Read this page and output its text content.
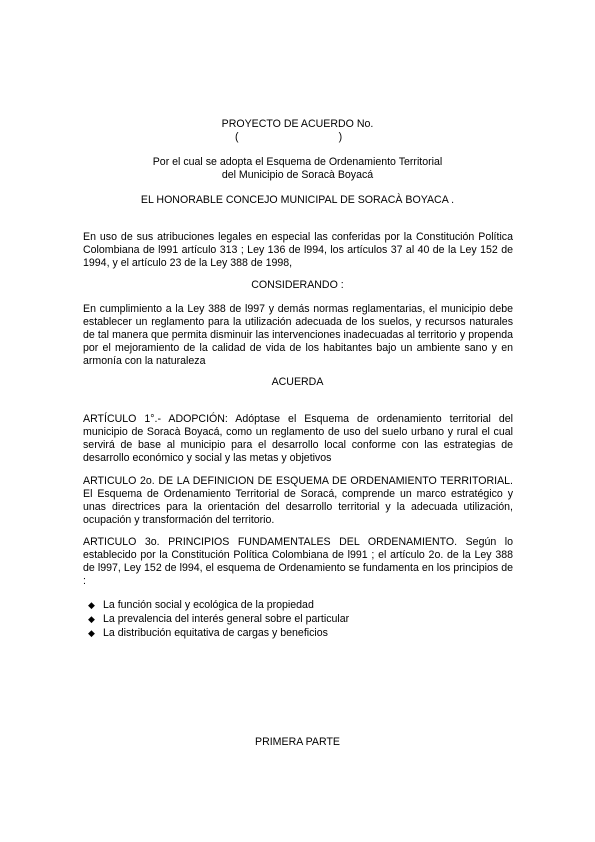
PROYECTO DE ACUERDO No.

(                                  )

Por el cual se adopta el Esquema de Ordenamiento Territorial

del Municipio de Soracà Boyacá

EL HONORABLE CONCEJO MUNICIPAL DE SORACÀ BOYACA .

En uso de sus atribuciones legales en especial las conferidas por la Constitución Política Colombiana de l991 artículo 313 ; Ley 136 de l994, los artículos 37 al 40 de la Ley 152 de 1994, y el artículo 23 de la Ley 388 de 1998,

CONSIDERANDO :

En cumplimiento a la Ley 388 de l997 y demás normas reglamentarias, el municipio debe establecer un reglamento para la utilización adecuada de los suelos, y recursos naturales de tal manera que permita disminuir las intervenciones inadecuadas al territorio y propenda por el mejoramiento de la calidad de vida de los habitantes bajo un ambiente sano y en armonía con la naturaleza

ACUERDA

ARTÍCULO 1°.- ADOPCIÓN: Adóptase el Esquema de ordenamiento territorial del municipio de Soracà Boyacá, como un reglamento de uso del suelo urbano y rural el cual servirá de base al municipio para el desarrollo local conforme con las estrategias de desarrollo económico y social y las metas y objetivos

ARTICULO 2o. DE LA DEFINICION DE ESQUEMA DE ORDENAMIENTO TERRITORIAL. El Esquema de Ordenamiento Territorial de Soracá, comprende un marco estratégico y unas directrices para la orientación del desarrollo territorial y la adecuada utilización, ocupación y transformación del territorio.

ARTICULO 3o. PRINCIPIOS FUNDAMENTALES DEL ORDENAMIENTO. Según lo establecido por la Constitución Política Colombiana de l991 ; el artículo 2o. de la Ley 388 de l997, Ley 152 de l994, el esquema de Ordenamiento se fundamenta en los principios de :

◆ La función social y ecológica de la propiedad
◆ La prevalencia del interés general sobre el particular
◆ La distribución equitativa de cargas y beneficios

PRIMERA PARTE
